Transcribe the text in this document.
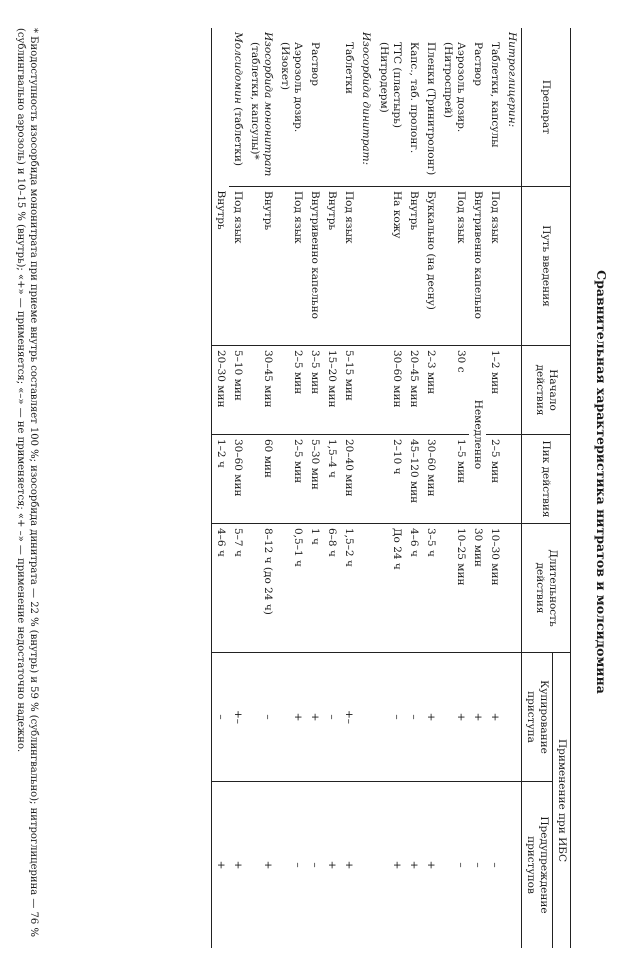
Сравнительная характеристика нитратов и молсидомина
Препарат	Путь введения	Начало действия	Пик действия	Длительность действия	Применение при ИБС	
					Купирование приступа	Предупреждение приступов
Нитроглицерин:						
Таблетки, капсулы	Под язык	1–2 мин	2–5 мин	10–30 мин	+	–
Раствор	Внутривенно капельно	Немедленно		30 мин	+	–
Аэрозоль дозир. (Нитроспрей)	Под язык	30 с	1–5 мин	10–25 мин	+	–
Пленки (Тринитролонг)	Буккально (на десну)	2–3 мин	30–60 мин	3–5 ч	+	+
Капс., таб. пролонг.	Внутрь	20–45 мин	45–120 мин	4–6 ч	–	+
ТТС (пластырь) (Нитродерм)	На кожу	30–60 мин	2–10 ч	До 24 ч	–	+
Изосорбида динитрат:						
Таблетки	Под язык	5–15 мин	20–40 мин	1,5–2 ч	+–	+
	Внутрь	15–20 мин	1,5–4 ч	6–8 ч	–	+
Раствор	Внутривенно капельно	3–5 мин	5–30 мин	1 ч	+	–
Аэрозоль дозир. (Изокет)	Под язык	2–5 мин	2–5 мин	0,5–1 ч	+	–
Изосорбида мононитрат
(таблетки, капсулы)*	Внутрь	30–45 мин	60 мин	8–12 ч (до 24 ч)	–	+
Молсидомин (таблетки)	Под язык	5–10 мин	30–60 мин	5–7 ч	+–	+
	Внутрь	20–30 мин	1–2 ч	4–6 ч	–	+
* Биодоступность изосорбида мононитрата при приеме внутрь составляет 100 %; изосорбида динитрата — 22 % (внутрь) и 59 % (сублингвально); нитроглицерина — 76 % (сублингвально аэрозоль) и 10–15 % (внутрь); «+» — применяется; «–» — не применяется; «+ –» — применение недостаточно надежно.
